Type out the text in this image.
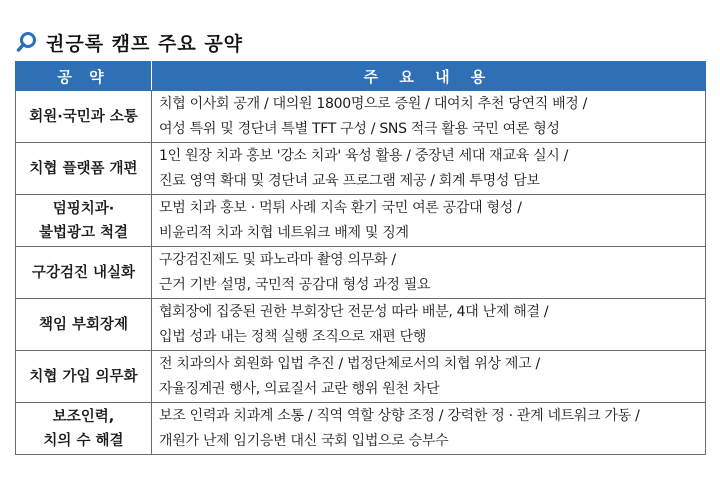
권긍록 캠프 주요 공약
공 약	주 요 내 용

회원·국민과 소통	치협 이사회 공개 / 대의원 1800명으로 증원 / 대여치 추천 당연직 배정 /
여성 특위 및 경단녀 특별 TFT 구성 / SNS 적극 활용 국민 여론 형성

치협 플랫폼 개편	1인 원장 치과 홍보 '강소 치과' 육성 활용 / 중장년 세대 재교육 실시 /
진료 영역 확대 및 경단녀 교육 프로그램 제공 / 회계 투명성 담보

덤핑치과·
불법광고 척결	모범 치과 홍보 · 먹튀 사례 지속 환기 국민 여론 공감대 형성 /
비윤리적 치과 치협 네트워크 배제 및 징계

구강검진 내실화	구강검진제도 및 파노라마 촬영 의무화 /
근거 기반 설명, 국민적 공감대 형성 과정 필요

책임 부회장제	협회장에 집중된 권한 부회장단 전문성 따라 배분, 4대 난제 해결 /
입법 성과 내는 정책 실행 조직으로 재편 단행

치협 가입 의무화	전 치과의사 회원화 입법 추진 / 법정단체로서의 치협 위상 제고 /
자율징계권 행사, 의료질서 교란 행위 원천 차단

보조인력,
치의 수 해결	보조 인력과 치과계 소통 / 직역 역할 상향 조정 / 강력한 정 · 관계 네트워크 가동 /
개원가 난제 임기응변 대신 국회 입법으로 승부수
